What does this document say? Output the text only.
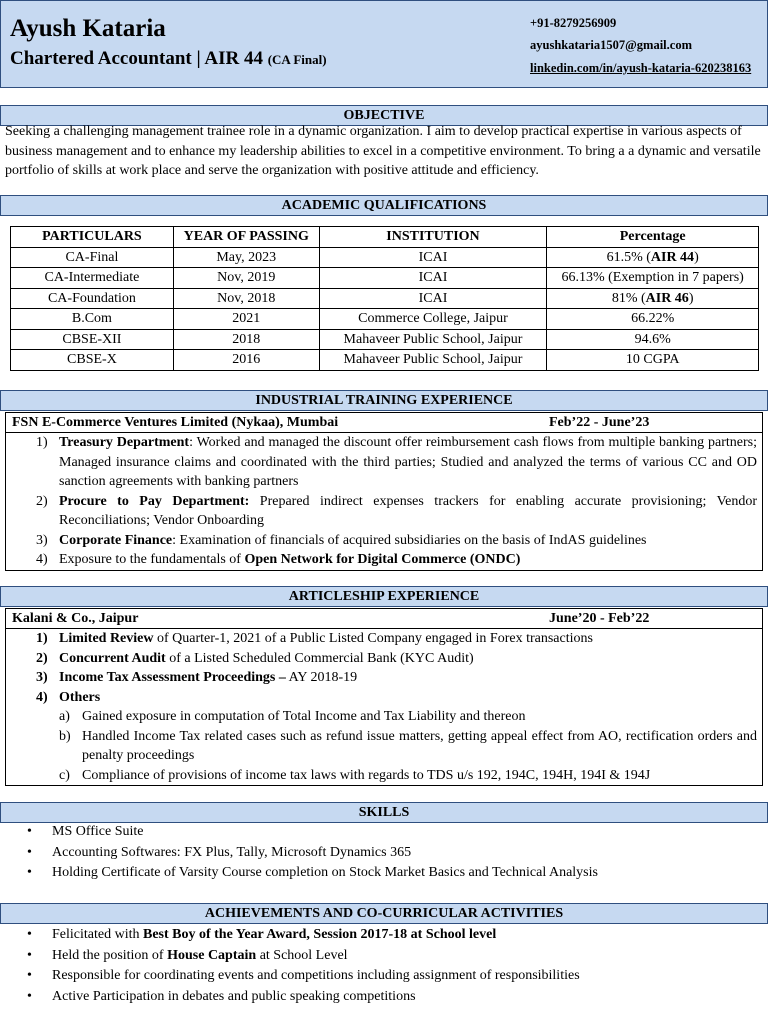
Ayush Kataria
Chartered Accountant | AIR 44 (CA Final)
+91-8279256909
ayushkataria1507@gmail.com
linkedin.com/in/ayush-kataria-620238163
OBJECTIVE
Seeking a challenging management trainee role in a dynamic organization. I aim to develop practical expertise in various aspects of business management and to enhance my leadership abilities to excel in a competitive environment. To bring a a dynamic and versatile portfolio of skills at work place and serve the organization with positive attitude and efficiency.
ACADEMIC QUALIFICATIONS
PARTICULARS	YEAR OF PASSING	INSTITUTION	Percentage
CA-Final	May, 2023	ICAI	61.5% (AIR 44)
CA-Intermediate	Nov, 2019	ICAI	66.13% (Exemption in 7 papers)
CA-Foundation	Nov, 2018	ICAI	81% (AIR 46)
B.Com	2021	Commerce College, Jaipur	66.22%
CBSE-XII	2018	Mahaveer Public School, Jaipur	94.6%
CBSE-X	2016	Mahaveer Public School, Jaipur	10 CGPA
INDUSTRIAL TRAINING EXPERIENCE
FSN E-Commerce Ventures Limited (Nykaa), Mumbai	Feb’22 - June’23
1) Treasury Department: Worked and managed the discount offer reimbursement cash flows from multiple banking partners; Managed insurance claims and coordinated with the third parties; Studied and analyzed the terms of various CC and OD sanction agreements with banking partners
2) Procure to Pay Department: Prepared indirect expenses trackers for enabling accurate provisioning; Vendor Reconciliations; Vendor Onboarding
3) Corporate Finance: Examination of financials of acquired subsidiaries on the basis of IndAS guidelines
4) Exposure to the fundamentals of Open Network for Digital Commerce (ONDC)
ARTICLESHIP EXPERIENCE
Kalani & Co., Jaipur	June’20 - Feb’22
1) Limited Review of Quarter-1, 2021 of a Public Listed Company engaged in Forex transactions
2) Concurrent Audit of a Listed Scheduled Commercial Bank (KYC Audit)
3) Income Tax Assessment Proceedings – AY 2018-19
4) Others
a) Gained exposure in computation of Total Income and Tax Liability and thereon
b) Handled Income Tax related cases such as refund issue matters, getting appeal effect from AO, rectification orders and penalty proceedings
c) Compliance of provisions of income tax laws with regards to TDS u/s 192, 194C, 194H, 194I & 194J
SKILLS
• MS Office Suite
• Accounting Softwares: FX Plus, Tally, Microsoft Dynamics 365
• Holding Certificate of Varsity Course completion on Stock Market Basics and Technical Analysis
ACHIEVEMENTS AND CO-CURRICULAR ACTIVITIES
• Felicitated with Best Boy of the Year Award, Session 2017-18 at School level
• Held the position of House Captain at School Level
• Responsible for coordinating events and competitions including assignment of responsibilities
• Active Participation in debates and public speaking competitions
